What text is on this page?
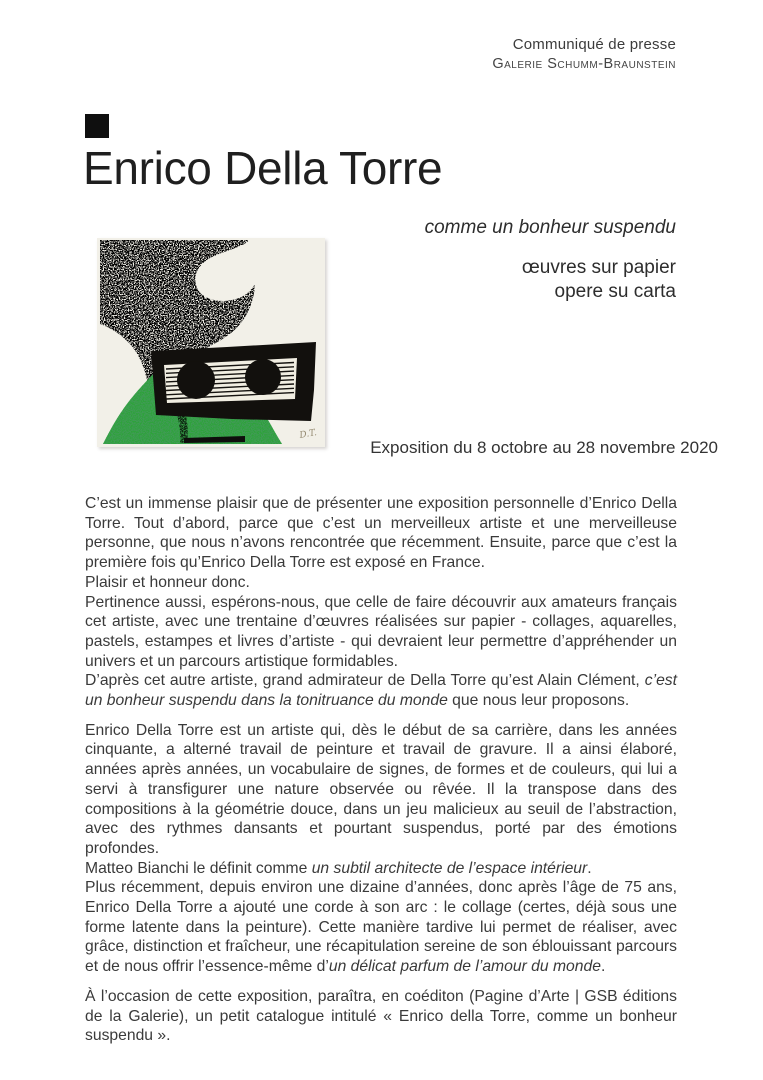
Communiqué de presse
Galerie Schumm-Braunstein
Enrico Della Torre
comme un bonheur suspendu
œuvres sur papier
opere su carta
Exposition du 8 octobre au 28 novembre 2020
D.T.

C’est un immense plaisir que de présenter une exposition personnelle d’Enrico Della Torre. Tout d’abord, parce que c’est un merveilleux artiste et une merveilleuse personne, que nous n’avons rencontrée que récemment. Ensuite, parce que c’est la première fois qu’Enrico Della Torre est exposé en France.

Plaisir et honneur donc.

Pertinence aussi, espérons-nous, que celle de faire découvrir aux amateurs français cet artiste, avec une trentaine d’œuvres réalisées sur papier - collages, aquarelles, pastels, estampes et livres d’artiste - qui devraient leur permettre d’appréhender un univers et un parcours artistique formidables.

D’après cet autre artiste, grand admirateur de Della Torre qu’est Alain Clément, c’est un bonheur suspendu dans la tonitruance du monde que nous leur proposons.

Enrico Della Torre est un artiste qui, dès le début de sa carrière, dans les années cinquante, a alterné travail de peinture et travail de gravure. Il a ainsi élaboré, années après années, un vocabulaire de signes, de formes et de couleurs, qui lui a servi à transfigurer une nature observée ou rêvée. Il la transpose dans des compositions à la géométrie douce, dans un jeu malicieux au seuil de l’abstraction, avec des rythmes dansants et pourtant suspendus, porté par des émotions profondes.

Matteo Bianchi le définit comme un subtil architecte de l’espace intérieur.

Plus récemment, depuis environ une dizaine d’années, donc après l’âge de 75 ans, Enrico Della Torre a ajouté une corde à son arc : le collage (certes, déjà sous une forme latente dans la peinture). Cette manière tardive lui permet de réaliser, avec grâce, distinction et fraîcheur, une récapitulation sereine de son éblouissant parcours et de nous offrir l’essence-même d’un délicat parfum de l’amour du monde.

À l’occasion de cette exposition, paraîtra, en coéditon (Pagine d’Arte | GSB éditions de la Galerie), un petit catalogue intitulé « Enrico della Torre, comme un bonheur suspendu ».
